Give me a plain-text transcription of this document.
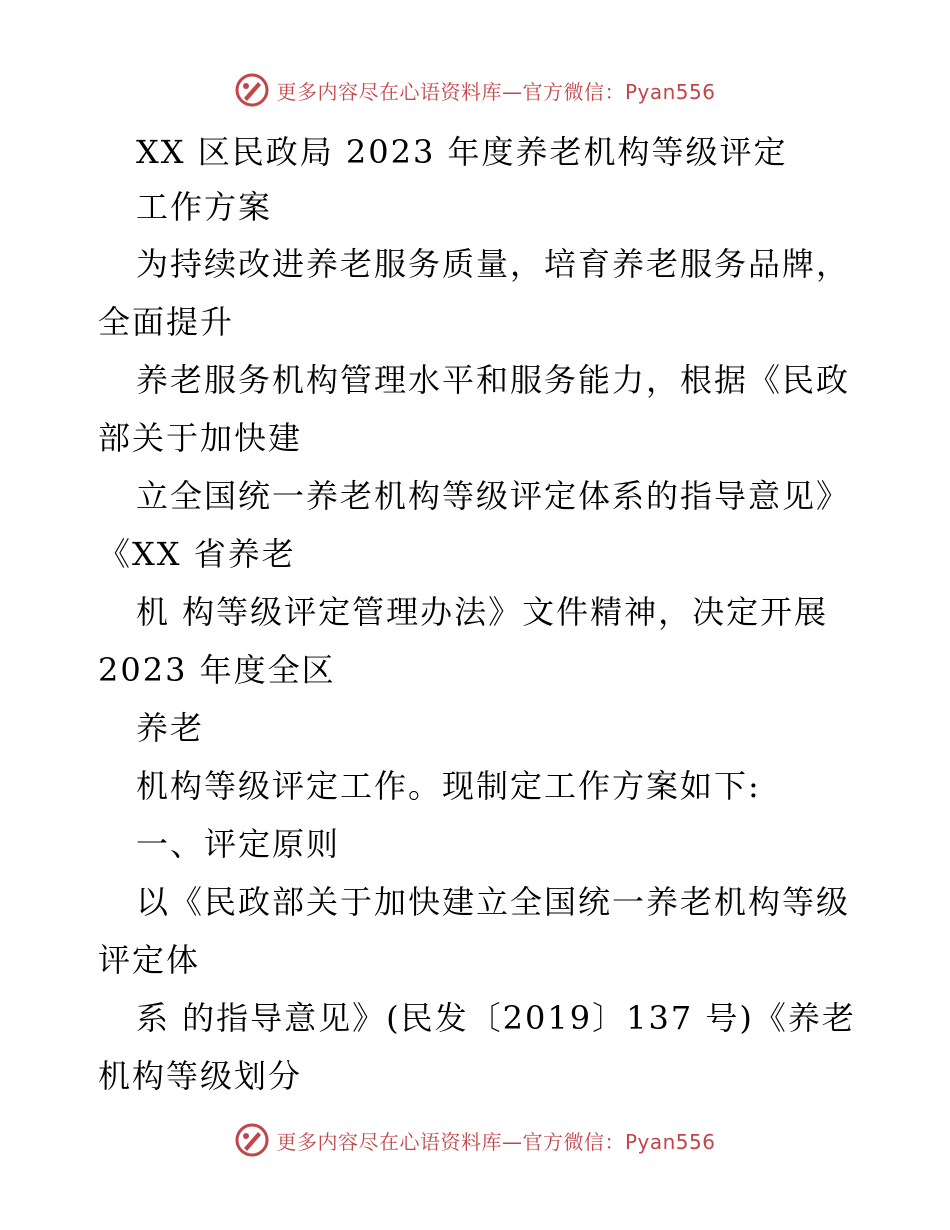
更多内容尽在心语资料库—官方微信：Pyan556
XX 区民政局 2023 年度养老机构等级评定
工作方案
为持续改进养老服务质量，培育养老服务品牌，
全面提升
养老服务机构管理水平和服务能力，根据《民政
部关于加快建
立全国统一养老机构等级评定体系的指导意见》
《XX 省养老
机 构等级评定管理办法》文件精神，决定开展
2023 年度全区
养老
机构等级评定工作。现制定工作方案如下:
一、评定原则
以《民政部关于加快建立全国统一养老机构等级
评定体
系 的指导意见》(民发〔2019〕137 号)《养老
机构等级划分
更多内容尽在心语资料库—官方微信：Pyan556
